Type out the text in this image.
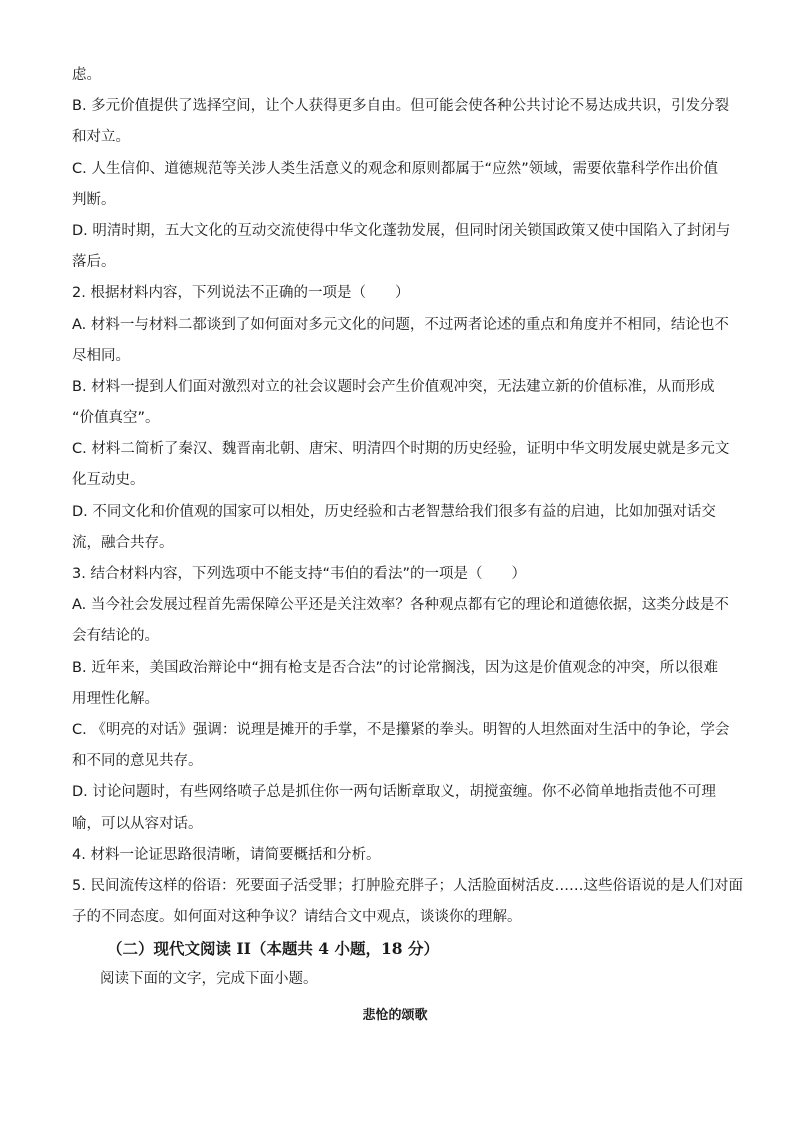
虑。
B. 多元价值提供了选择空间，让个人获得更多自由。但可能会使各种公共讨论不易达成共识，引发分裂
和对立。
C. 人生信仰、道德规范等关涉人类生活意义的观念和原则都属于“应然”领域，需要依靠科学作出价值
判断。
D. 明清时期，五大文化的互动交流使得中华文化蓬勃发展，但同时闭关锁国政策又使中国陷入了封闭与
落后。
2. 根据材料内容，下列说法不正确的一项是（　　）
A. 材料一与材料二都谈到了如何面对多元文化的问题，不过两者论述的重点和角度并不相同，结论也不
尽相同。
B. 材料一提到人们面对激烈对立的社会议题时会产生价值观冲突，无法建立新的价值标准，从而形成
“价值真空”。
C. 材料二简析了秦汉、魏晋南北朝、唐宋、明清四个时期的历史经验，证明中华文明发展史就是多元文
化互动史。
D. 不同文化和价值观的国家可以相处，历史经验和古老智慧给我们很多有益的启迪，比如加强对话交
流，融合共存。
3. 结合材料内容，下列选项中不能支持“韦伯的看法”的一项是（　　）
A. 当今社会发展过程首先需保障公平还是关注效率？各种观点都有它的理论和道德依据，这类分歧是不
会有结论的。
B. 近年来，美国政治辩论中“拥有枪支是否合法”的讨论常搁浅，因为这是价值观念的冲突，所以很难
用理性化解。
C. 《明亮的对话》强调：说理是摊开的手掌，不是攥紧的拳头。明智的人坦然面对生活中的争论，学会
和不同的意见共存。
D. 讨论问题时，有些网络喷子总是抓住你一两句话断章取义，胡搅蛮缠。你不必简单地指责他不可理
喻，可以从容对话。
4. 材料一论证思路很清晰，请简要概括和分析。
5. 民间流传这样的俗语：死要面子活受罪；打肿脸充胖子；人活脸面树活皮……这些俗语说的是人们对面
子的不同态度。如何面对这种争议？请结合文中观点，谈谈你的理解。
（二）现代文阅读 II（本题共 4 小题，18 分）
阅读下面的文字，完成下面小题。
悲怆的颂歌
